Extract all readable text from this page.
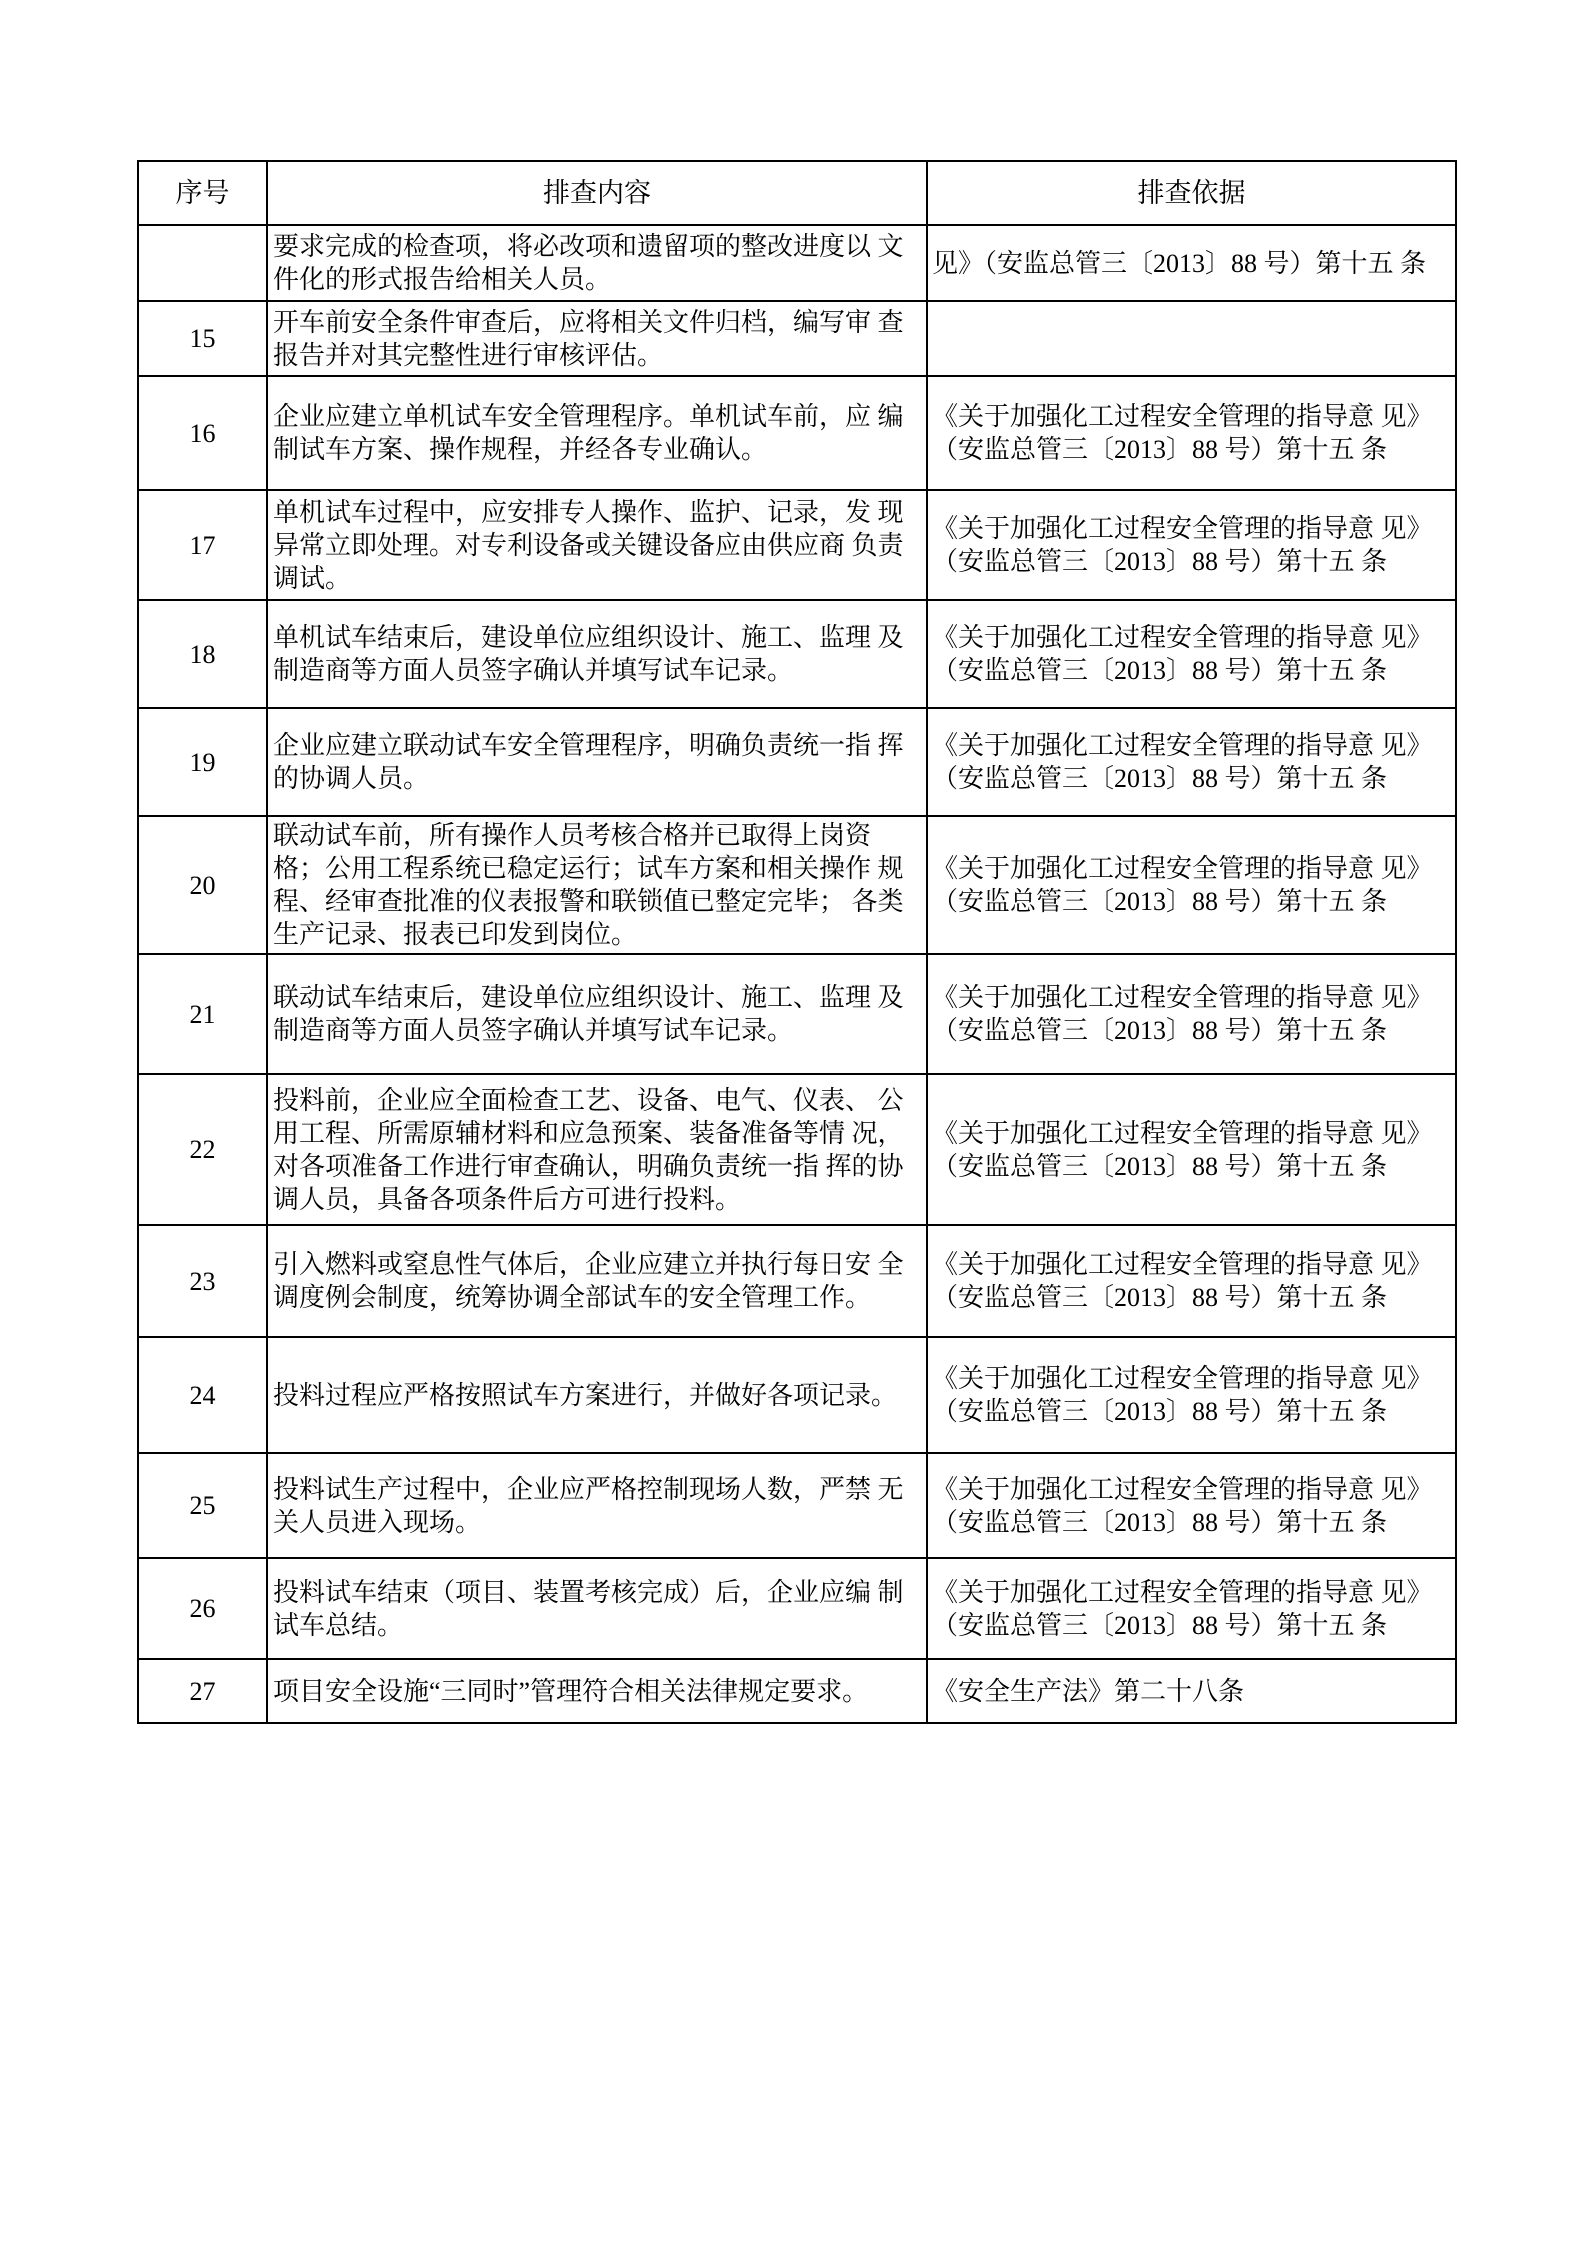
序号	排查内容	排查依据
	要求完成的检查项，将必改项和遗留项的整改进度以 文件化的形式报告给相关人员。	见》（安监总管三〔2013〕88 号）第十五 条
15	开车前安全条件审查后，应将相关文件归档，编写审 查报告并对其完整性进行审核评估。	
16	企业应建立单机试车安全管理程序。单机试车前，应 编制试车方案、操作规程，并经各专业确认。	《关于加强化工过程安全管理的指导意 见》（安监总管三〔2013〕88 号）第十五 条
17	单机试车过程中，应安排专人操作、监护、记录，发 现异常立即处理。对专利设备或关键设备应由供应商 负责调试。	《关于加强化工过程安全管理的指导意 见》（安监总管三〔2013〕88 号）第十五 条
18	单机试车结束后，建设单位应组织设计、施工、监理 及制造商等方面人员签字确认并填写试车记录。	《关于加强化工过程安全管理的指导意 见》（安监总管三〔2013〕88 号）第十五 条
19	企业应建立联动试车安全管理程序，明确负责统一指 挥的协调人员。	《关于加强化工过程安全管理的指导意 见》（安监总管三〔2013〕88 号）第十五 条
20	联动试车前，所有操作人员考核合格并已取得上岗资 格；公用工程系统已稳定运行；试车方案和相关操作 规程、经审查批准的仪表报警和联锁值已整定完毕； 各类生产记录、报表已印发到岗位。	《关于加强化工过程安全管理的指导意 见》（安监总管三〔2013〕88 号）第十五 条
21	联动试车结束后，建设单位应组织设计、施工、监理 及制造商等方面人员签字确认并填写试车记录。	《关于加强化工过程安全管理的指导意 见》（安监总管三〔2013〕88 号）第十五 条
22	投料前，企业应全面检查工艺、设备、电气、仪表、 公用工程、所需原辅材料和应急预案、装备准备等情 况，对各项准备工作进行审查确认，明确负责统一指 挥的协调人员，具备各项条件后方可进行投料。	《关于加强化工过程安全管理的指导意 见》（安监总管三〔2013〕88 号）第十五 条
23	引入燃料或窒息性气体后，企业应建立并执行每日安 全调度例会制度，统筹协调全部试车的安全管理工作。	《关于加强化工过程安全管理的指导意 见》（安监总管三〔2013〕88 号）第十五 条
24	投料过程应严格按照试车方案进行，并做好各项记录。	《关于加强化工过程安全管理的指导意 见》（安监总管三〔2013〕88 号）第十五 条
25	投料试生产过程中，企业应严格控制现场人数，严禁 无关人员进入现场。	《关于加强化工过程安全管理的指导意 见》（安监总管三〔2013〕88 号）第十五 条
26	投料试车结束（项目、装置考核完成）后，企业应编 制试车总结。	《关于加强化工过程安全管理的指导意 见》（安监总管三〔2013〕88 号）第十五 条
27	项目安全设施“三同时”管理符合相关法律规定要求。	《安全生产法》第二十八条
